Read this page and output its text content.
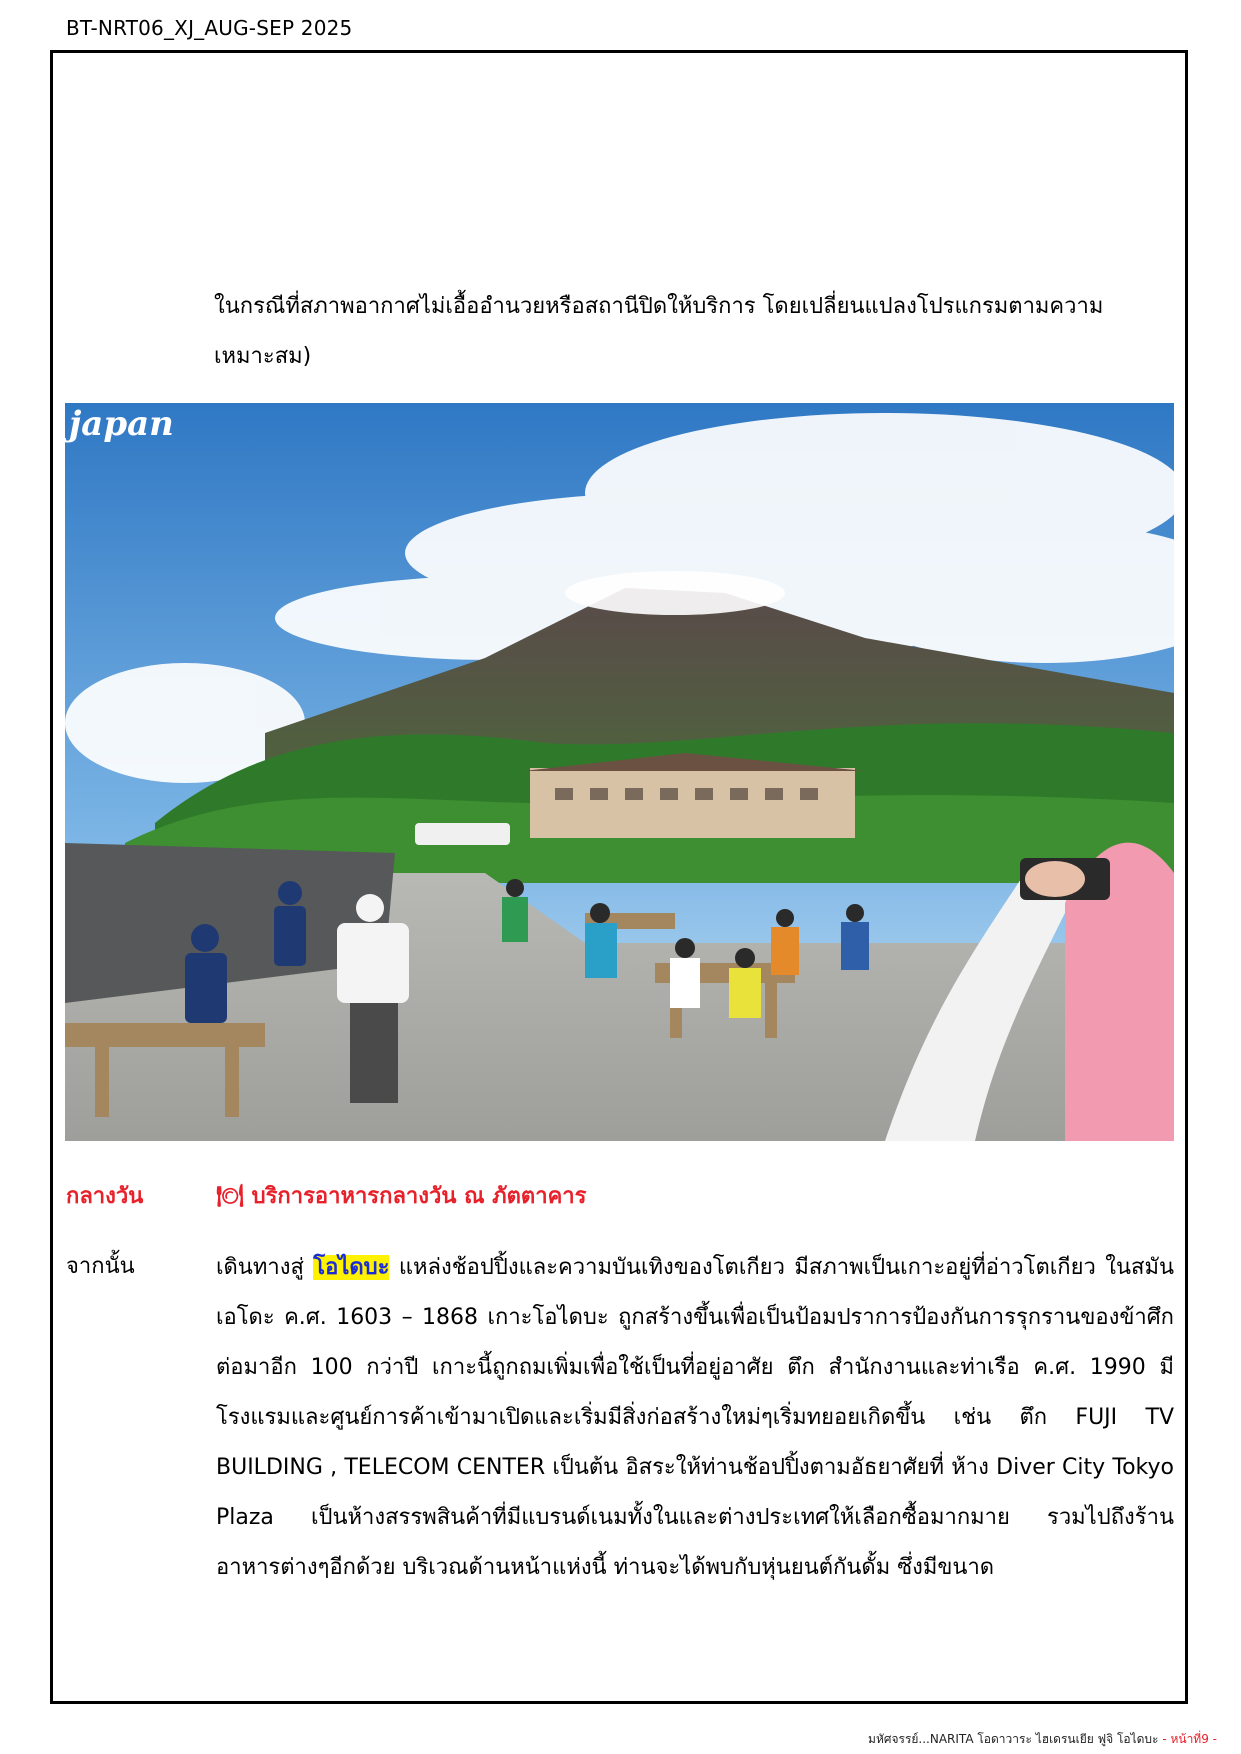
BT-NRT06_XJ_AUG-SEP 2025
ในกรณีที่สภาพอากาศไม่เอื้ออำนวยหรือสถานีปิดให้บริการ โดยเปลี่ยนแปลงโปรแกรมตามความ
เหมาะสม)
japan
กลางวัน	🍽 บริการอาหารกลางวัน ณ ภัตตาคาร
จากนั้น	เดินทางสู่ โอไดบะ แหล่งช้อปปิ้งและความบันเทิงของโตเกียว มีสภาพเป็นเกาะอยู่ที่อ่าวโตเกียว ในสมันเอโดะ ค.ศ. 1603 – 1868 เกาะโอไดบะ ถูกสร้างขึ้นเพื่อเป็นป้อมปราการป้องกันการรุกรานของข้าศึก ต่อมาอีก 100 กว่าปี เกาะนี้ถูกถมเพิ่มเพื่อใช้เป็นที่อยู่อาศัย ตึก สำนักงานและท่าเรือ ค.ศ. 1990 มีโรงแรมและศูนย์การค้าเข้ามาเปิดและเริ่มมีสิ่งก่อสร้างใหม่ๆเริ่มทยอยเกิดขึ้น เช่น ตึก FUJI TV BUILDING , TELECOM CENTER เป็นต้น อิสระให้ท่านช้อปปิ้งตามอัธยาศัยที่ ห้าง Diver City Tokyo Plaza เป็นห้างสรรพสินค้าที่มีแบรนด์เนมทั้งในและต่างประเทศให้เลือกซื้อมากมาย รวมไปถึงร้านอาหารต่างๆอีกด้วย บริเวณด้านหน้าแห่งนี้ ท่านจะได้พบกับหุ่นยนต์กันดั้ม ซึ่งมีขนาด
มหัศจรรย์...NARITA โอดาวาระ ไฮเดรนเยีย ฟูจิ โอไดบะ - หน้าที่9 -
